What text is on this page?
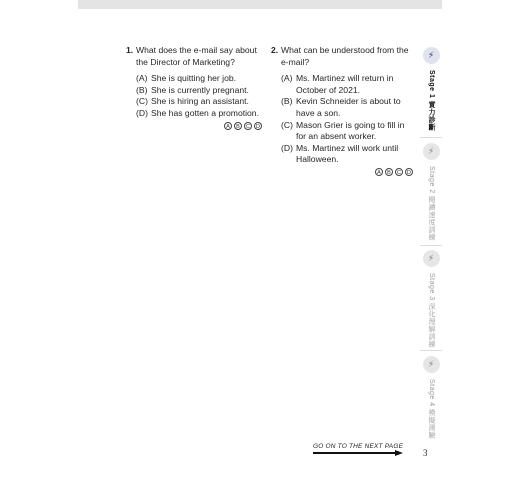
1. What does the e-mail say about the Director of Marketing?
(A) She is quitting her job.
(B) She is currently pregnant.
(C) She is hiring an assistant.
(D) She has gotten a promotion.
A	B	C	D
2. What can be understood from the e-mail?
(A) Ms. Martinez will return in October of 2021.
(B) Kevin Schneider is about to have a son.
(C) Mason Grier is going to fill in for an absent worker.
(D) Ms. Martinez will work until Halloween.
A	B	C	D
⚡︎
Stage 1 實力診斷
⚡︎
Stage 2 閱讀速度訓練
⚡︎
Stage 3 深化理解訓練
⚡︎
Stage 4 模擬測驗
GO ON TO THE NEXT PAGE
3
